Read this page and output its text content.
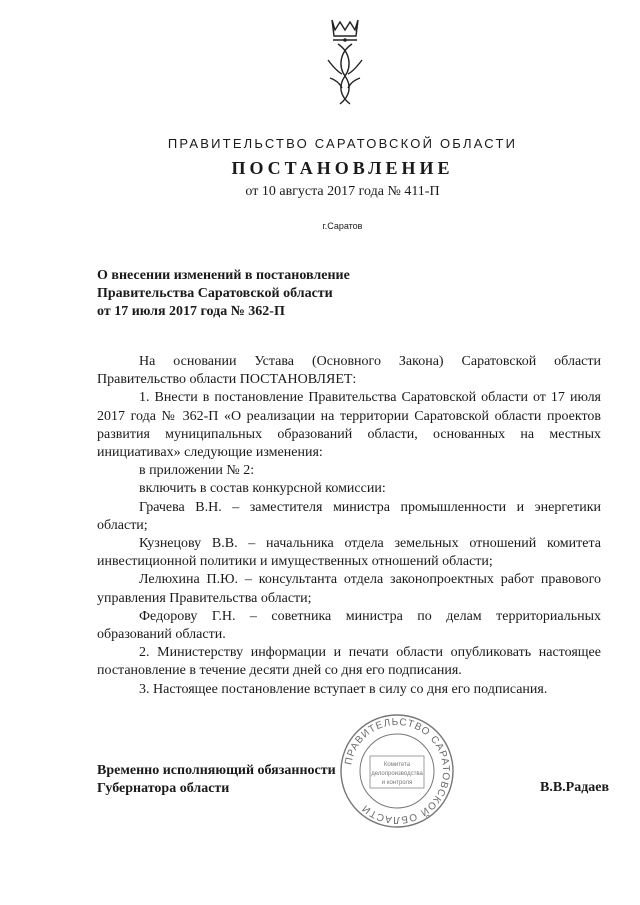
ПРАВИТЕЛЬСТВО САРАТОВСКОЙ ОБЛАСТИ
ПОСТАНОВЛЕНИЕ
от 10 августа 2017 года № 411-П
г.Саратов
О внесении изменений в постановление
Правительства Саратовской области
от 17 июля 2017 года № 362-П

На основании Устава (Основного Закона) Саратовской области Правительство области ПОСТАНОВЛЯЕТ:

1. Внести в постановление Правительства Саратовской области от 17 июля 2017 года № 362-П «О реализации на территории Саратовской области проектов развития муниципальных образований области, основанных на местных инициативах» следующие изменения:

в приложении № 2:

включить в состав конкурсной комиссии:

Грачева В.Н. – заместителя министра промышленности и энергетики области;

Кузнецову В.В. – начальника отдела земельных отношений комитета инвестиционной политики и имущественных отношений области;

Лелюхина П.Ю. – консультанта отдела законопроектных работ правового управления Правительства области;

Федорову Г.Н. – советника министра по делам территориальных образований области.

2. Министерству информации и печати области опубликовать настоящее постановление в течение десяти дней со дня его подписания.

3. Настоящее постановление вступает в силу со дня его подписания.

Временно исполняющий обязанности
Губернатора области	В.В.Радаев
ПРАВИТЕЛЬСТВО САРАТОВСКОЙ ОБЛАСТИ
Комитета
делопроизводства
и контроля
